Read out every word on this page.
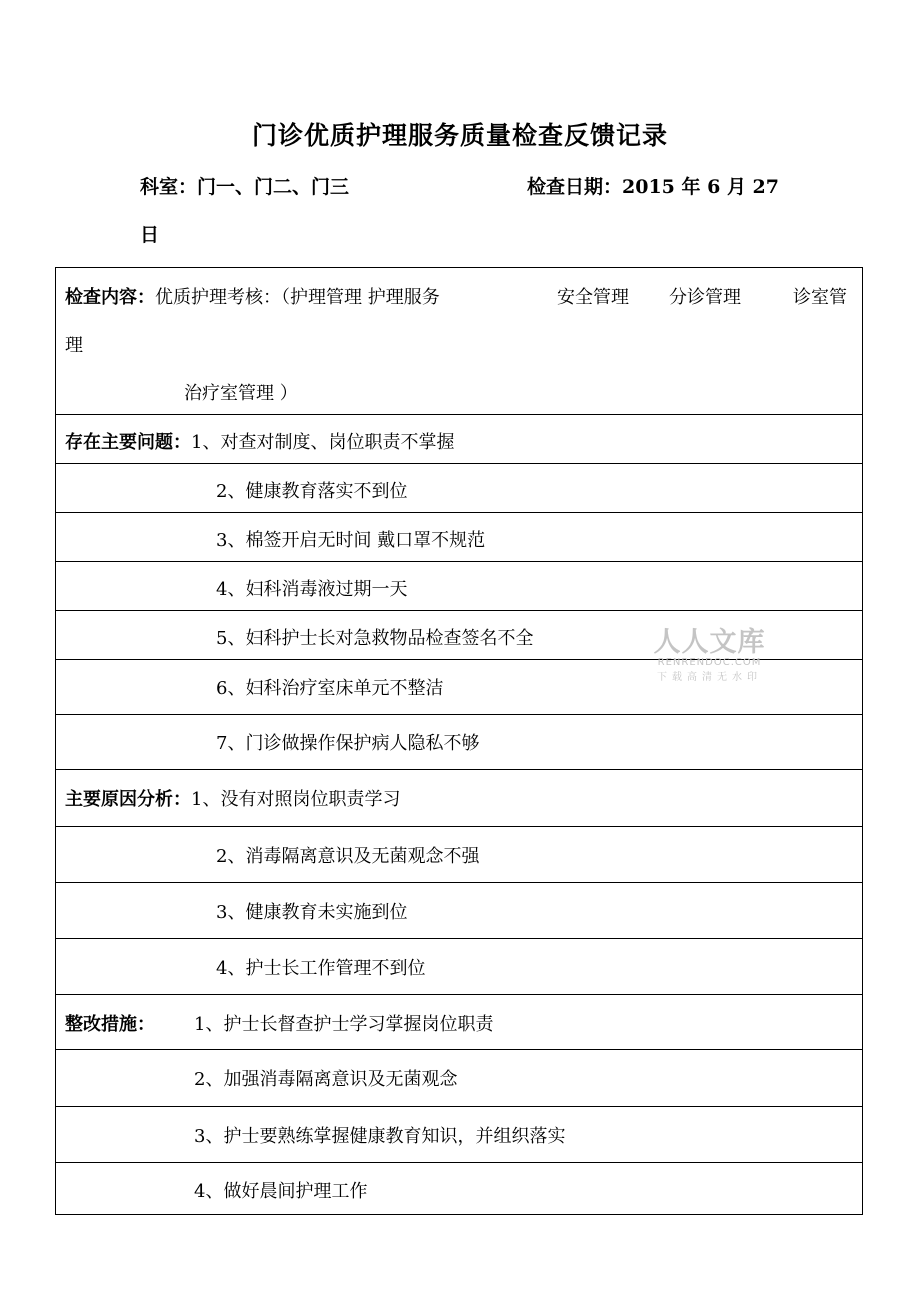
门诊优质护理服务质量检查反馈记录
科室：门一、门二、门三	检查日期：2015 年 6 月 27
日
检查内容：优质护理考核：（护理管理 护理服务	安全管理 分诊管理	诊室管
理
治疗室管理 ）
存在主要问题：1、对查对制度、岗位职责不掌握
2、健康教育落实不到位
3、棉签开启无时间 戴口罩不规范
4、妇科消毒液过期一天
5、妇科护士长对急救物品检查签名不全
6、妇科治疗室床单元不整洁
7、门诊做操作保护病人隐私不够
主要原因分析：1、没有对照岗位职责学习
2、消毒隔离意识及无菌观念不强
3、健康教育未实施到位
4、护士长工作管理不到位
整改措施： 1、护士长督查护士学习掌握岗位职责
2、加强消毒隔离意识及无菌观念
3、护士要熟练掌握健康教育知识，并组织落实
4、做好晨间护理工作
人人文库
RENRENDOC.COM
下载高清无水印
